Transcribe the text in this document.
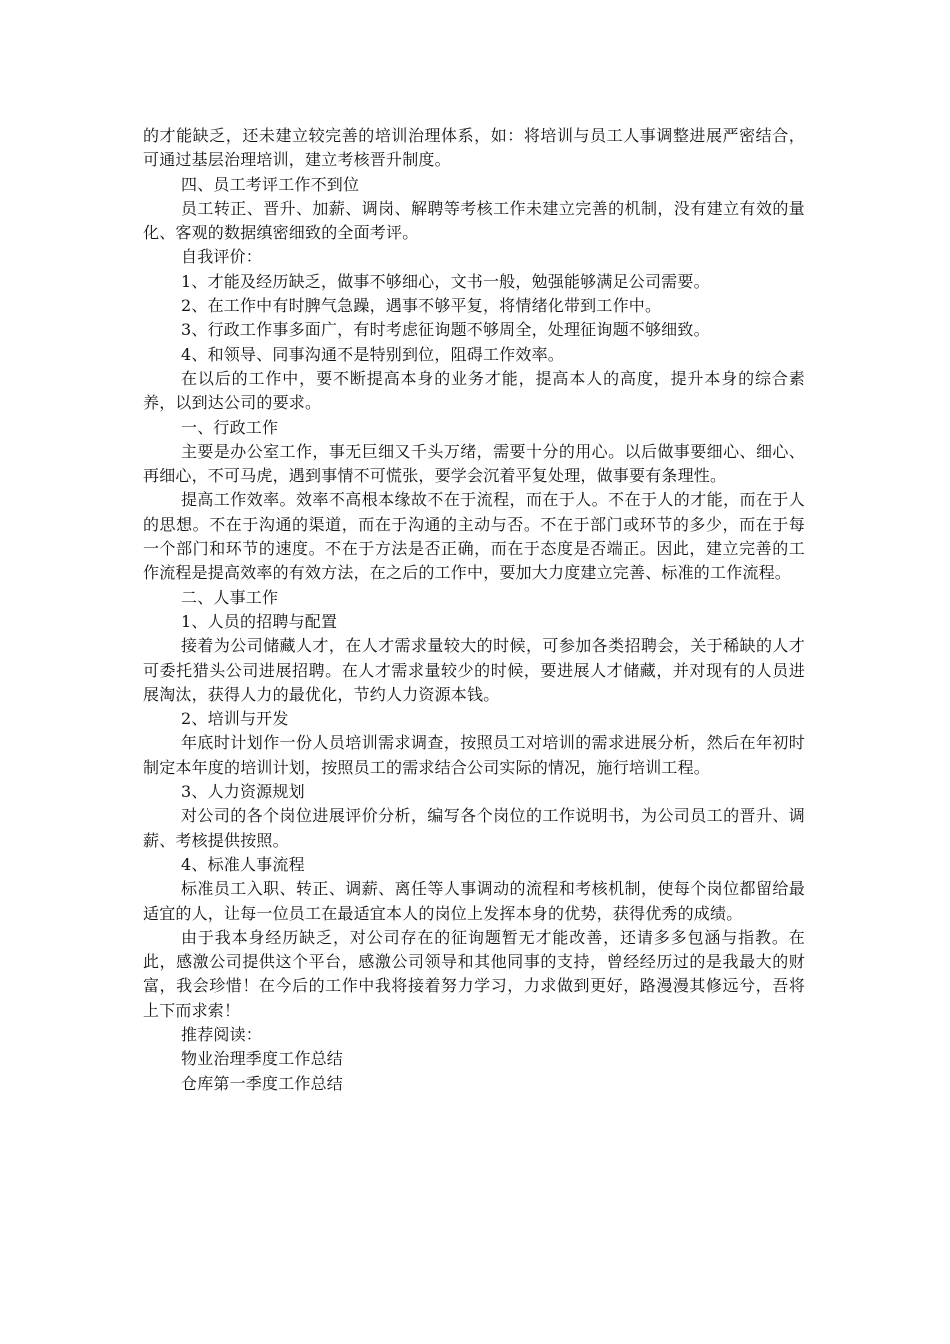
的才能缺乏，还未建立较完善的培训治理体系，如：将培训与员工人事调整进展严密结合，可通过基层治理培训，建立考核晋升制度。

四、员工考评工作不到位

员工转正、晋升、加薪、调岗、解聘等考核工作未建立完善的机制，没有建立有效的量化、客观的数据缜密细致的全面考评。

自我评价：

1、才能及经历缺乏，做事不够细心，文书一般，勉强能够满足公司需要。

2、在工作中有时脾气急躁，遇事不够平复，将情绪化带到工作中。

3、行政工作事多面广，有时考虑征询题不够周全，处理征询题不够细致。

4、和领导、同事沟通不是特别到位，阻碍工作效率。

在以后的工作中，要不断提高本身的业务才能，提高本人的高度，提升本身的综合素养，以到达公司的要求。

一、行政工作

主要是办公室工作，事无巨细又千头万绪，需要十分的用心。以后做事要细心、细心、再细心，不可马虎，遇到事情不可慌张，要学会沉着平复处理，做事要有条理性。

提高工作效率。效率不高根本缘故不在于流程，而在于人。不在于人的才能，而在于人的思想。不在于沟通的渠道，而在于沟通的主动与否。不在于部门或环节的多少，而在于每一个部门和环节的速度。不在于方法是否正确，而在于态度是否端正。因此，建立完善的工作流程是提高效率的有效方法，在之后的工作中，要加大力度建立完善、标准的工作流程。

二、人事工作

1、人员的招聘与配置

接着为公司储藏人才，在人才需求量较大的时候，可参加各类招聘会，关于稀缺的人才可委托猎头公司进展招聘。在人才需求量较少的时候，要进展人才储藏，并对现有的人员进展淘汰，获得人力的最优化，节约人力资源本钱。

2、培训与开发

年底时计划作一份人员培训需求调查，按照员工对培训的需求进展分析，然后在年初时制定本年度的培训计划，按照员工的需求结合公司实际的情况，施行培训工程。

3、人力资源规划

对公司的各个岗位进展评价分析，编写各个岗位的工作说明书，为公司员工的晋升、调薪、考核提供按照。

4、标准人事流程

标准员工入职、转正、调薪、离任等人事调动的流程和考核机制，使每个岗位都留给最适宜的人，让每一位员工在最适宜本人的岗位上发挥本身的优势，获得优秀的成绩。

由于我本身经历缺乏，对公司存在的征询题暂无才能改善，还请多多包涵与指教。在此，感激公司提供这个平台，感激公司领导和其他同事的支持，曾经经历过的是我最大的财富，我会珍惜！在今后的工作中我将接着努力学习，力求做到更好，路漫漫其修远兮，吾将上下而求索！

推荐阅读：

物业治理季度工作总结

仓库第一季度工作总结
